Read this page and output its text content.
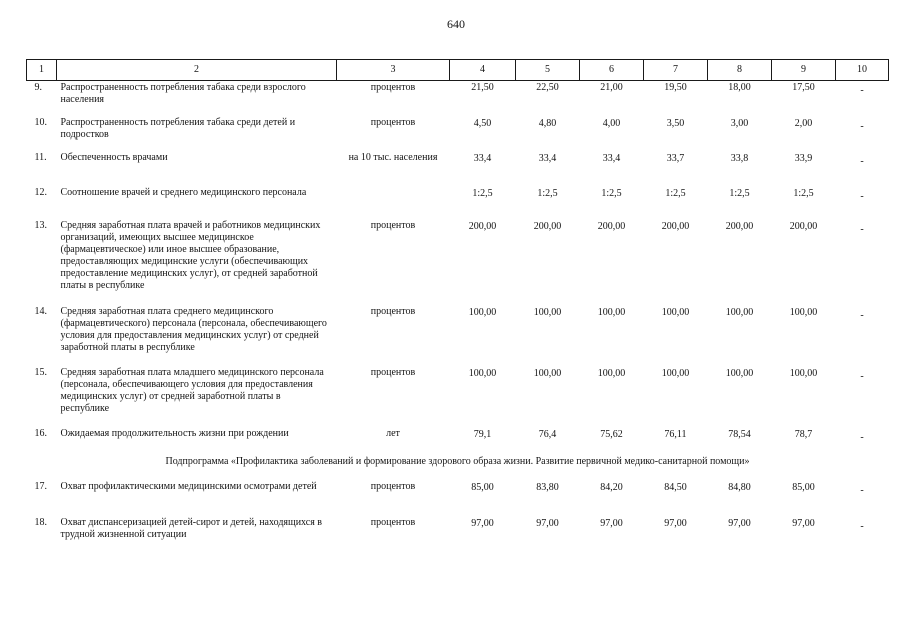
640
1	2	3	4	5	6	7	8	9	10
9.	Распространенность потребления табака среди взрослого населения	процентов	21,50	22,50	21,00	19,50	18,00	17,50	-
10.	Распространенность потребления табака среди детей и подростков	процентов	4,50	4,80	4,00	3,50	3,00	2,00	-
11.	Обеспеченность врачами	на 10 тыс. населения	33,4	33,4	33,4	33,7	33,8	33,9	-
12.	Соотношение врачей и среднего медицинского персонала		1:2,5	1:2,5	1:2,5	1:2,5	1:2,5	1:2,5	-
13.	Средняя заработная плата врачей и работников медицинских организаций, имеющих высшее медицинское (фармацевтическое) или иное высшее образование, предоставляющих медицинские услуги (обеспечивающих предоставление медицинских услуг), от средней заработной платы в республике	процентов	200,00	200,00	200,00	200,00	200,00	200,00	-
14.	Средняя заработная плата среднего медицинского (фармацевтического) персонала (персонала, обеспечивающего условия для предоставления медицинских услуг) от средней заработной платы в республике	процентов	100,00	100,00	100,00	100,00	100,00	100,00	-
15.	Средняя заработная плата младшего медицинского персонала (персонала, обеспечивающего условия для предоставления медицинских услуг) от средней заработной платы в республике	процентов	100,00	100,00	100,00	100,00	100,00	100,00	-
16.	Ожидаемая продолжительность жизни при рождении	лет	79,1	76,4	75,62	76,11	78,54	78,7	-
Подпрограмма «Профилактика заболеваний и формирование здорового образа жизни. Развитие первичной медико-санитарной помощи»									
17.	Охват профилактическими медицинскими осмотрами детей	процентов	85,00	83,80	84,20	84,50	84,80	85,00	-
18.	Охват диспансеризацией детей-сирот и детей, находящихся в трудной жизненной ситуации	процентов	97,00	97,00	97,00	97,00	97,00	97,00	-
